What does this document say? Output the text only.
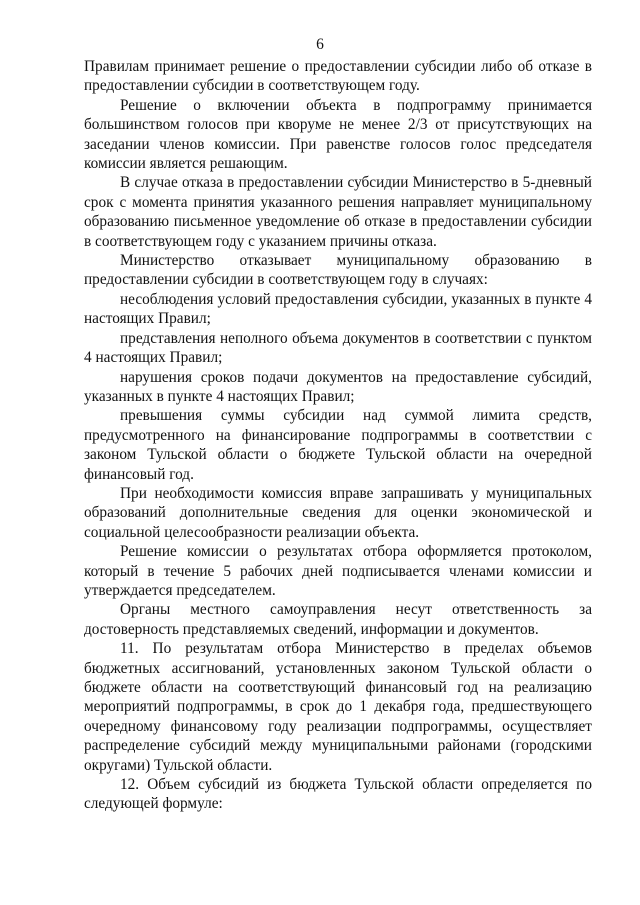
6

Правилам принимает решение о предоставлении субсидии либо об отказе в предоставлении субсидии в соответствующем году.

Решение о включении объекта в подпрограмму принимается большинством голосов при кворуме не менее 2/3 от присутствующих на заседании членов комиссии. При равенстве голосов голос председателя комиссии является решающим.

В случае отказа в предоставлении субсидии Министерство в 5-дневный срок с момента принятия указанного решения направляет муниципальному образованию письменное уведомление об отказе в предоставлении субсидии в соответствующем году с указанием причины отказа.

Министерство отказывает муниципальному образованию в предоставлении субсидии в соответствующем году в случаях:

несоблюдения условий предоставления субсидии, указанных в пункте 4 настоящих Правил;

представления неполного объема документов в соответствии с пунктом 4 настоящих Правил;

нарушения сроков подачи документов на предоставление субсидий, указанных в пункте 4 настоящих Правил;

превышения суммы субсидии над суммой лимита средств, предусмотренного на финансирование подпрограммы в соответствии с законом Тульской области о бюджете Тульской области на очередной финансовый год.

При необходимости комиссия вправе запрашивать у муниципальных образований дополнительные сведения для оценки экономической и социальной целесообразности реализации объекта.

Решение комиссии о результатах отбора оформляется протоколом, который в течение 5 рабочих дней подписывается членами комиссии и утверждается председателем.

Органы местного самоуправления несут ответственность за достоверность представляемых сведений, информации и документов.

11. По результатам отбора Министерство в пределах объемов бюджетных ассигнований, установленных законом Тульской области о бюджете области на соответствующий финансовый год на реализацию мероприятий подпрограммы, в срок до 1 декабря года, предшествующего очередному финансовому году реализации подпрограммы, осуществляет распределение субсидий между муниципальными районами (городскими округами) Тульской области.

12. Объем субсидий из бюджета Тульской области определяется по следующей формуле:
